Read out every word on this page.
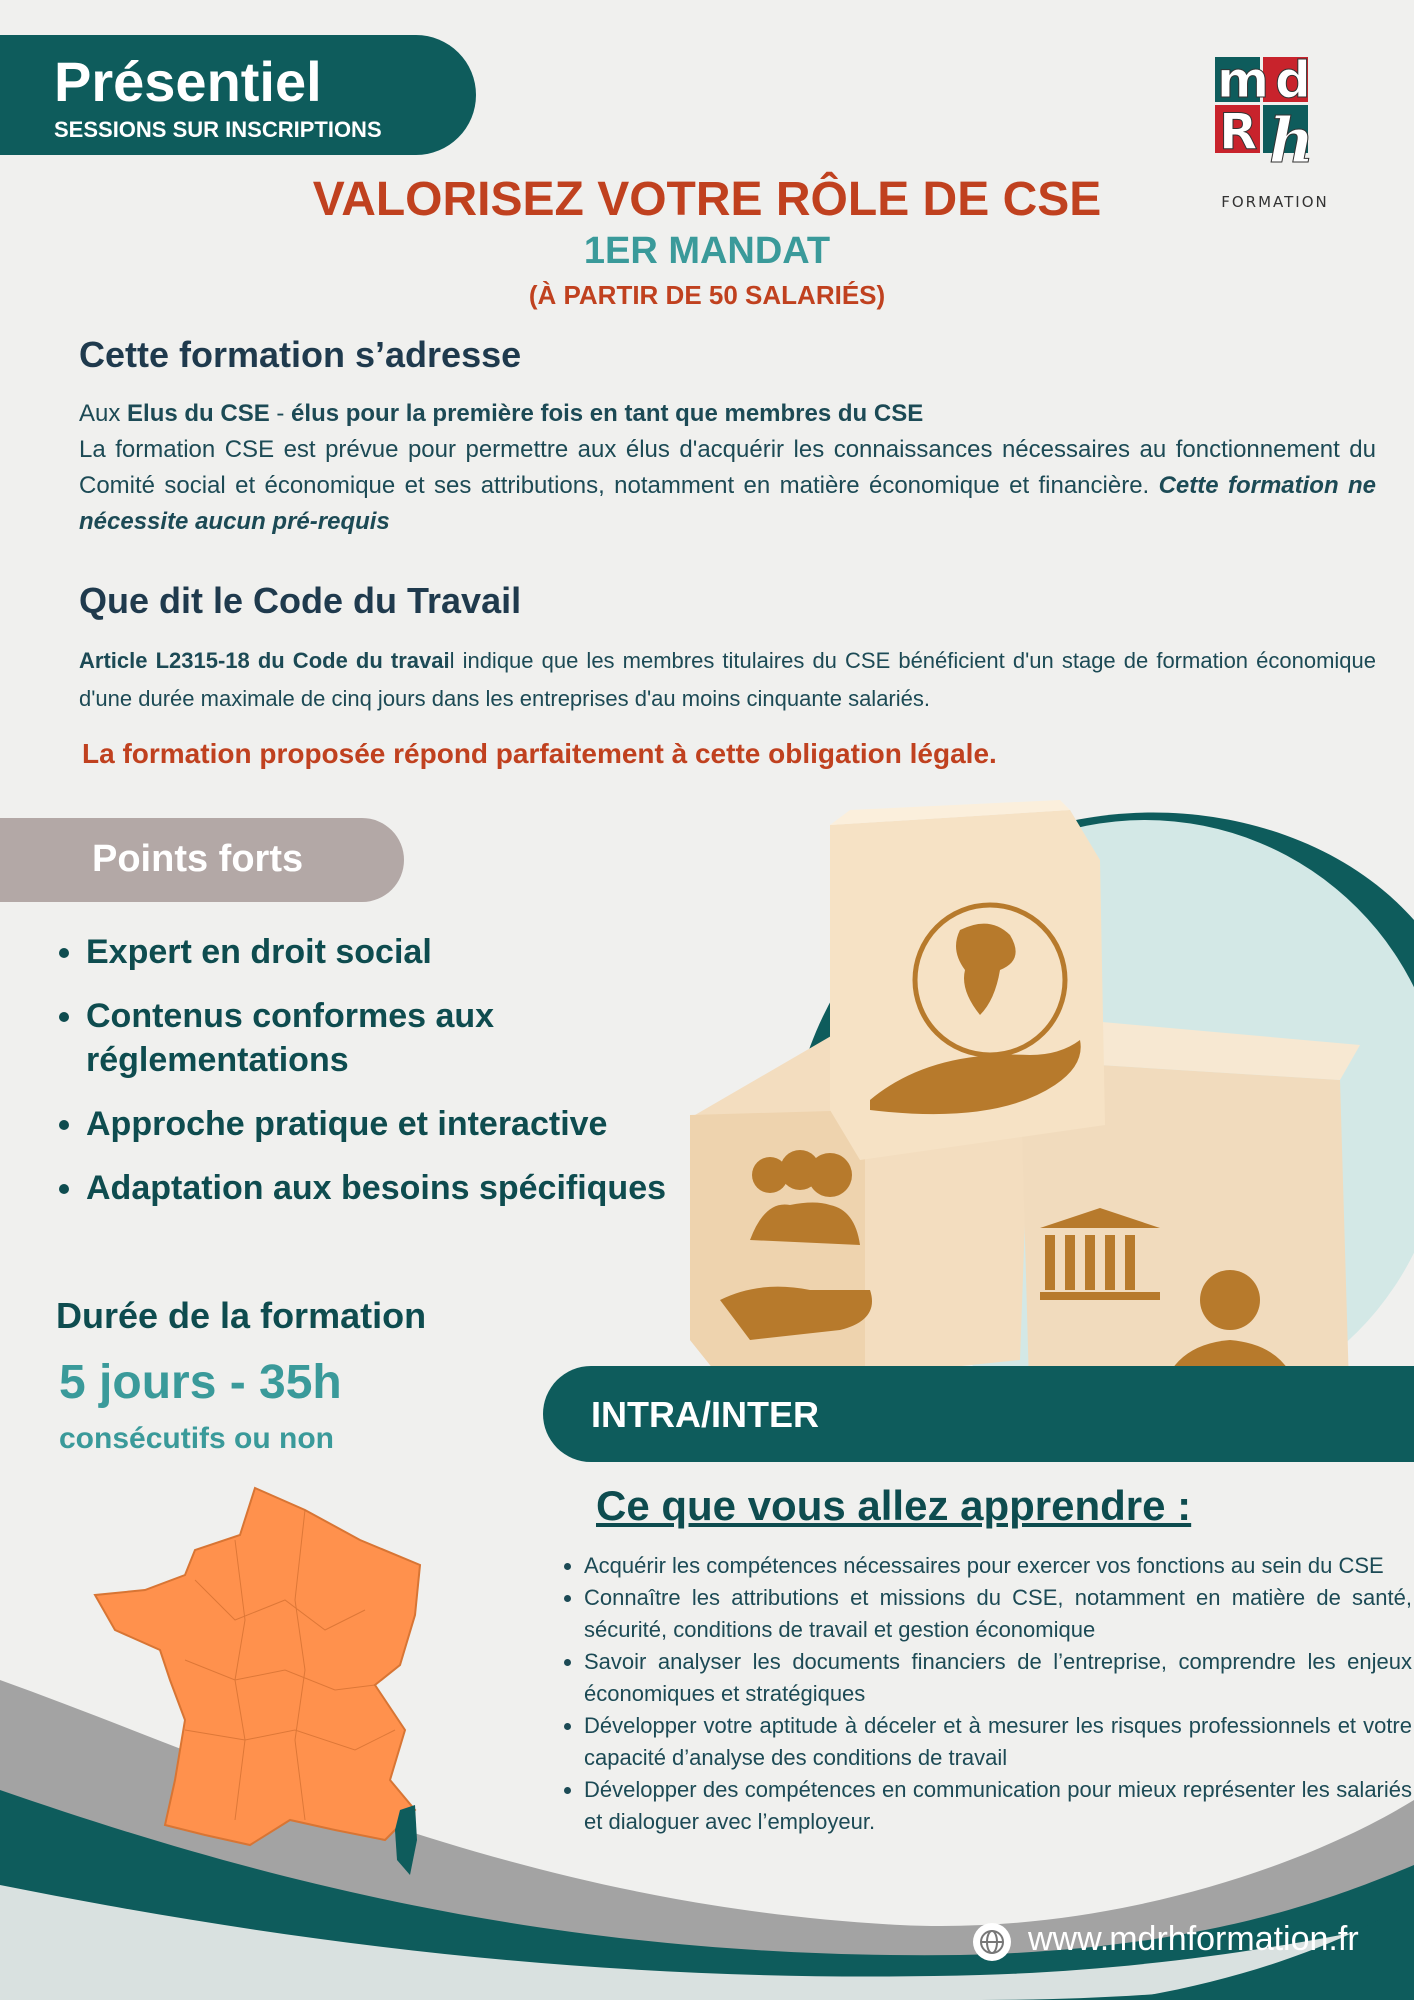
Présentiel
SESSIONS SUR INSCRIPTIONS
m d
R h
FORMATION
VALORISEZ VOTRE RÔLE DE CSE
1ER MANDAT
(À PARTIR DE 50 SALARIÉS)
Cette formation s’adresse

Aux Elus du CSE - élus pour la première fois en tant que membres du CSE

La formation CSE est prévue pour permettre aux élus d'acquérir les connaissances nécessaires au fonctionnement du Comité social et économique et ses attributions, notamment en matière économique et financière. Cette formation ne nécessite aucun pré-requis

Que dit le Code du Travail

Article L2315-18 du Code du travail indique que les membres titulaires du CSE bénéficient d'un stage de formation économique d'une durée maximale de cinq jours dans les entreprises d'au moins cinquante salariés.

La formation proposée répond parfaitement à cette obligation légale.
Points forts
• Expert en droit social
• Contenus conformes aux réglementations
• Approche pratique et interactive
• Adaptation aux besoins spécifiques
Durée de la formation
5 jours - 35h
consécutifs ou non
INTRA/INTER
Ce que vous allez apprendre :
• Acquérir les compétences nécessaires pour exercer vos fonctions au sein du CSE
• Connaître les attributions et missions du CSE, notamment en matière de santé, sécurité, conditions de travail et gestion économique
• Savoir analyser les documents financiers de l’entreprise, comprendre les enjeux économiques et stratégiques
• Développer votre aptitude à déceler et à mesurer les risques professionnels et votre capacité d’analyse des conditions de travail
• Développer des compétences en communication pour mieux représenter les salariés et dialoguer avec l’employeur.
www.mdrhformation.fr
